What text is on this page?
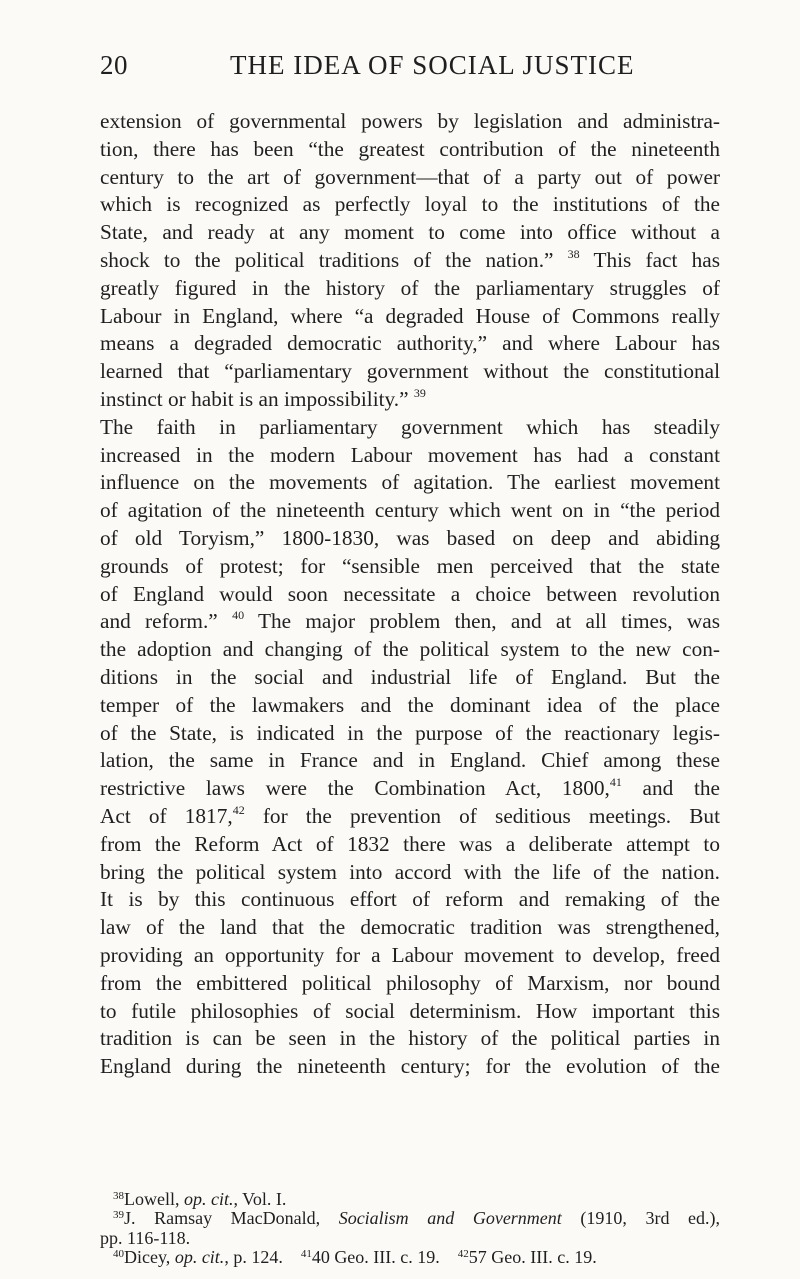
20	THE IDEA OF SOCIAL JUSTICE
extension of governmental powers by legislation and administra-
tion, there has been “the greatest contribution of the nineteenth
century to the art of government—that of a party out of power
which is recognized as perfectly loyal to the institutions of the
State, and ready at any moment to come into office without a
shock to the political traditions of the nation.” $^{38}$ This fact has
greatly figured in the history of the parliamentary struggles of
Labour in England, where “a degraded House of Commons really
means a degraded democratic authority,” and where Labour has
learned that “parliamentary government without the constitutional
instinct or habit is an impossibility.” $^{39}$
The faith in parliamentary government which has steadily
increased in the modern Labour movement has had a constant
influence on the movements of agitation. The earliest movement
of agitation of the nineteenth century which went on in “the period
of old Toryism,” 1800-1830, was based on deep and abiding
grounds of protest; for “sensible men perceived that the state
of England would soon necessitate a choice between revolution
and reform.” $^{40}$ The major problem then, and at all times, was
the adoption and changing of the political system to the new con-
ditions in the social and industrial life of England. But the
temper of the lawmakers and the dominant idea of the place
of the State, is indicated in the purpose of the reactionary legis-
lation, the same in France and in England. Chief among these
restrictive laws were the Combination Act, 1800,41 and the
Act of 1817,42 for the prevention of seditious meetings. But
from the Reform Act of 1832 there was a deliberate attempt to
bring the political system into accord with the life of the nation.
It is by this continuous effort of reform and remaking of the
law of the land that the democratic tradition was strengthened,
providing an opportunity for a Labour movement to develop, freed
from the embittered political philosophy of Marxism, nor bound
to futile philosophies of social determinism. How important this
tradition is can be seen in the history of the political parties in
England during the nineteenth century; for the evolution of the
$^{38}$Lowell, op. cit., Vol. I.
$^{39}$J. Ramsay MacDonald, Socialism and Government (1910, 3rd ed.),
pp. 116-118.
$^{40}$Dicey, op. cit., p. 124. $^{41}$40 Geo. III. c. 19. $^{42}$57 Geo. III. c. 19.
